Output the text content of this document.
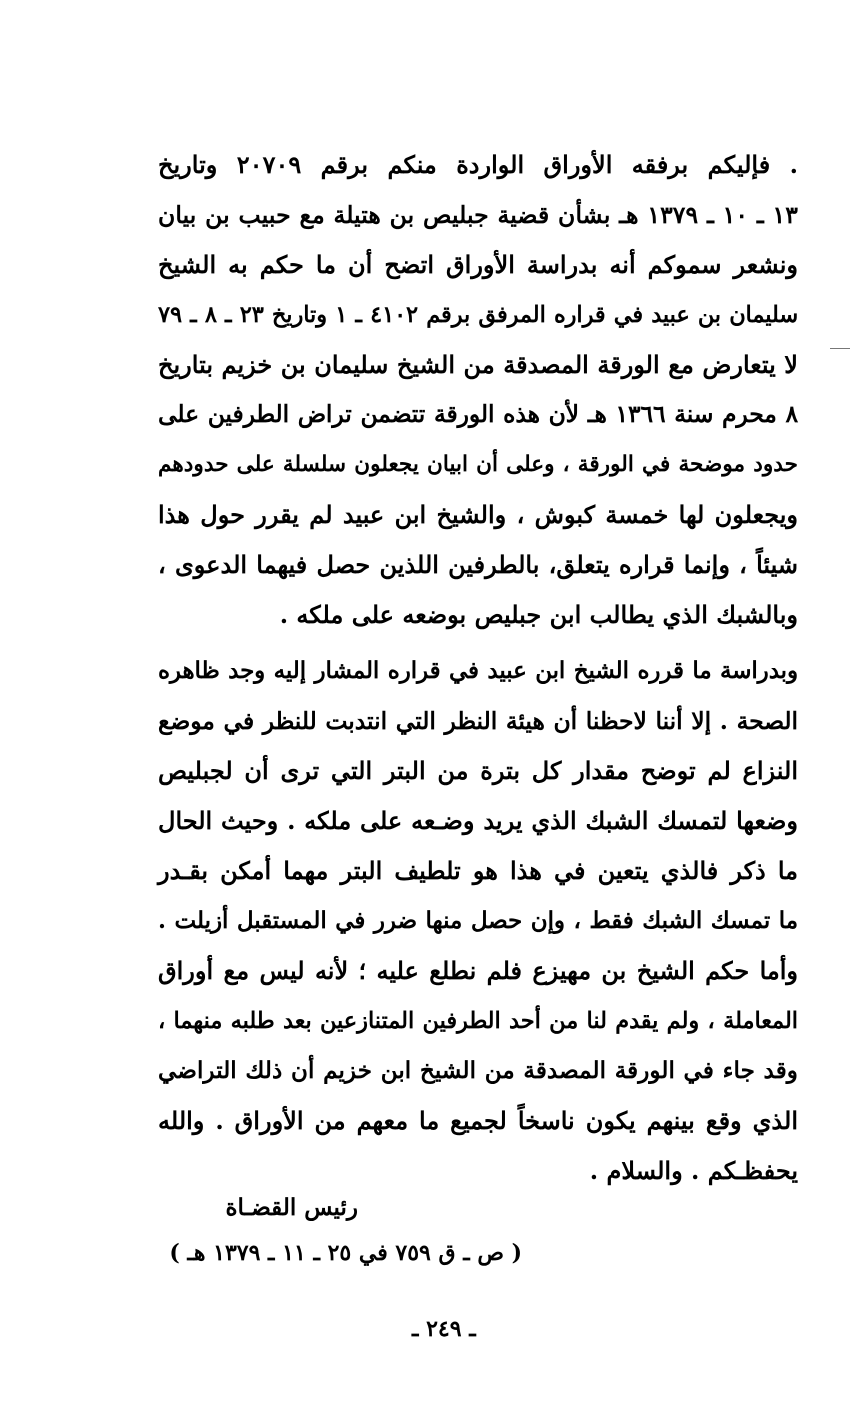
. فإليكم برفقه الأوراق الواردة منكم برقم ٢٠٧٠٩ وتاريخ
١٣ ـ ١٠ ـ ١٣٧٩ هـ بشأن قضية جبليص بن هتيلة مع حبيب بن بيان
ونشعر سموكم أنه بدراسة الأوراق اتضح أن ما حكم به الشيخ
سليمان بن عبيد في قراره المرفق برقم ٤١٠٢ ـ ١ وتاريخ ٢٣ ـ ٨ ـ ٧٩
لا يتعارض مع الورقة المصدقة من الشيخ سليمان بن خزيم بتاريخ
٨ محرم سنة ١٣٦٦ هـ لأن هذه الورقة تتضمن تراض الطرفين على
حدود موضحة في الورقة ، وعلى أن ابيان يجعلون سلسلة على حدودهم
ويجعلون لها خمسة كبوش ، والشيخ ابن عبيد لم يقرر حول هذا
شيئاً ، وإنما قراره يتعلق، بالطرفين اللذين حصل فيهما الدعوى ،
وبالشبك الذي يطالب ابن جبليص بوضعه على ملكه .
وبدراسة ما قرره الشيخ ابن عبيد في قراره المشار إليه وجد ظاهره
الصحة . إلا أننا لاحظنا أن هيئة النظر التي انتدبت للنظر في موضع
النزاع لم توضح مقدار كل بترة من البتر التي ترى أن لجبليص
وضعها لتمسك الشبك الذي يريد وضـعه على ملكه . وحيث الحال
ما ذكر فالذي يتعين في هذا هو تلطيف البتر مهما أمكن بقـدر
ما تمسك الشبك فقط ، وإن حصل منها ضرر في المستقبل أزيلت .
وأما حكم الشيخ بن مهيزع فلم نطلع عليه ؛ لأنه ليس مع أوراق
المعاملة ، ولم يقدم لنا من أحد الطرفين المتنازعين بعد طلبه منهما ،
وقد جاء في الورقة المصدقة من الشيخ ابن خزيم أن ذلك التراضي
الذي وقع بينهم يكون ناسخاً لجميع ما معهم من الأوراق . والله
يحفظـكم . والسلام .
رئيس القضـاة
( ص ـ ق ٧٥٩ في ٢٥ ـ ١١ ـ ١٣٧٩ هـ )
ـ ٢٤٩ ـ
